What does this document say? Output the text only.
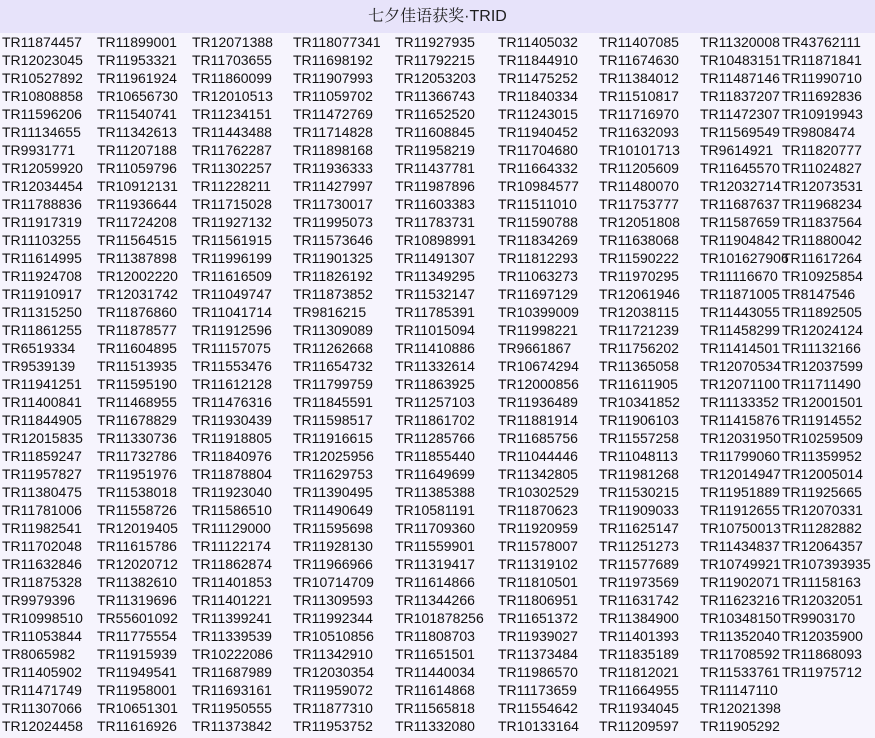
七夕佳语获奖·TRID
TR11874457
TR12023045
TR10527892
TR10808858
TR11596206
TR11134655
TR9931771
TR12059920
TR12034454
TR11788836
TR11917319
TR11103255
TR11614995
TR11924708
TR11910917
TR11315250
TR11861255
TR6519334
TR9539139
TR11941251
TR11400841
TR11844905
TR12015835
TR11859247
TR11957827
TR11380475
TR11781006
TR11982541
TR11702048
TR11632846
TR11875328
TR9979396
TR10998510
TR11053844
TR8065982
TR11405902
TR11471749
TR11307066
TR12024458
TR11899001
TR11953321
TR11961924
TR10656730
TR11540741
TR11342613
TR11207188
TR11059796
TR10912131
TR11936644
TR11724208
TR11564515
TR11387898
TR12002220
TR12031742
TR11876860
TR11878577
TR11604895
TR11513935
TR11595190
TR11468955
TR11678829
TR11330736
TR11732786
TR11951976
TR11538018
TR11558726
TR12019405
TR11615786
TR12020712
TR11382610
TR11319696
TR55601092
TR11775554
TR11915939
TR11949541
TR11958001
TR10651301
TR11616926
TR12071388
TR11703655
TR11860099
TR12010513
TR11234151
TR11443488
TR11762287
TR11302257
TR11228211
TR11715028
TR11927132
TR11561915
TR11996199
TR11616509
TR11049747
TR11041714
TR11912596
TR11157075
TR11553476
TR11612128
TR11476316
TR11930439
TR11918805
TR11840976
TR11878804
TR11923040
TR11586510
TR11129000
TR11122174
TR11862874
TR11401853
TR11401221
TR11399241
TR11339539
TR10222086
TR11687989
TR11693161
TR11950555
TR11373842
TR118077341
TR11698192
TR11907993
TR11059702
TR11472769
TR11714828
TR11898168
TR11936333
TR11427997
TR11730017
TR11995073
TR11573646
TR11901325
TR11826192
TR11873852
TR9816215
TR11309089
TR11262668
TR11654732
TR11799759
TR11845591
TR11598517
TR11916615
TR12025956
TR11629753
TR11390495
TR11490649
TR11595698
TR11928130
TR11966966
TR10714709
TR11309593
TR11992344
TR10510856
TR11342910
TR12030354
TR11959072
TR11877310
TR11953752
TR11927935
TR11792215
TR12053203
TR11366743
TR11652520
TR11608845
TR11958219
TR11437781
TR11987896
TR11603383
TR11783731
TR10898991
TR11491307
TR11349295
TR11532147
TR11785391
TR11015094
TR11410886
TR11332614
TR11863925
TR11257103
TR11861702
TR11285766
TR11855440
TR11649699
TR11385388
TR10581191
TR11709360
TR11559901
TR11319417
TR11614866
TR11344266
TR101878256
TR11808703
TR11651501
TR11440034
TR11614868
TR11565818
TR11332080
TR11405032
TR11844910
TR11475252
TR11840334
TR11243015
TR11940452
TR11704680
TR11664332
TR10984577
TR11511010
TR11590788
TR11834269
TR11812293
TR11063273
TR11697129
TR10399009
TR11998221
TR9661867
TR10674294
TR12000856
TR11936489
TR11881914
TR11685756
TR11044446
TR11342805
TR10302529
TR11870623
TR11920959
TR11578007
TR11319102
TR11810501
TR11806951
TR11651372
TR11939027
TR11373484
TR11986570
TR11173659
TR11554642
TR10133164
TR11407085
TR11674630
TR11384012
TR11510817
TR11716970
TR11632093
TR10101713
TR11205609
TR11480070
TR11753777
TR12051808
TR11638068
TR11590222
TR11970295
TR12061946
TR12038115
TR11721239
TR11756202
TR11365058
TR11611905
TR10341852
TR11906103
TR11557258
TR11048113
TR11981268
TR11530215
TR11909033
TR11625147
TR11251273
TR11577689
TR11973569
TR11631742
TR11384900
TR11401393
TR11835189
TR11812021
TR11664955
TR11934045
TR11209597
TR11320008
TR10483151
TR11487146
TR11837207
TR11472307
TR11569549
TR9614921
TR11645570
TR12032714
TR11687637
TR11587659
TR11904842
TR101627906
TR11116670
TR11871005
TR11443055
TR11458299
TR11414501
TR12070534
TR12071100
TR11133352
TR11415876
TR12031950
TR11799060
TR12014947
TR11951889
TR11912655
TR10750013
TR11434837
TR10749921
TR11902071
TR11623216
TR10348150
TR11352040
TR11708592
TR11533761
TR11147110
TR12021398
TR11905292
TR43762111
TR11871841
TR11990710
TR11692836
TR10919943
TR9808474
TR11820777
TR11024827
TR12073531
TR11968234
TR11837564
TR11880042
TR11617264
TR10925854
TR8147546
TR11892505
TR12024124
TR11132166
TR12037599
TR11711490
TR12001501
TR11914552
TR10259509
TR11359952
TR12005014
TR11925665
TR12070331
TR11282882
TR12064357
TR107393935
TR11158163
TR12032051
TR9903170
TR12035900
TR11868093
TR11975712
